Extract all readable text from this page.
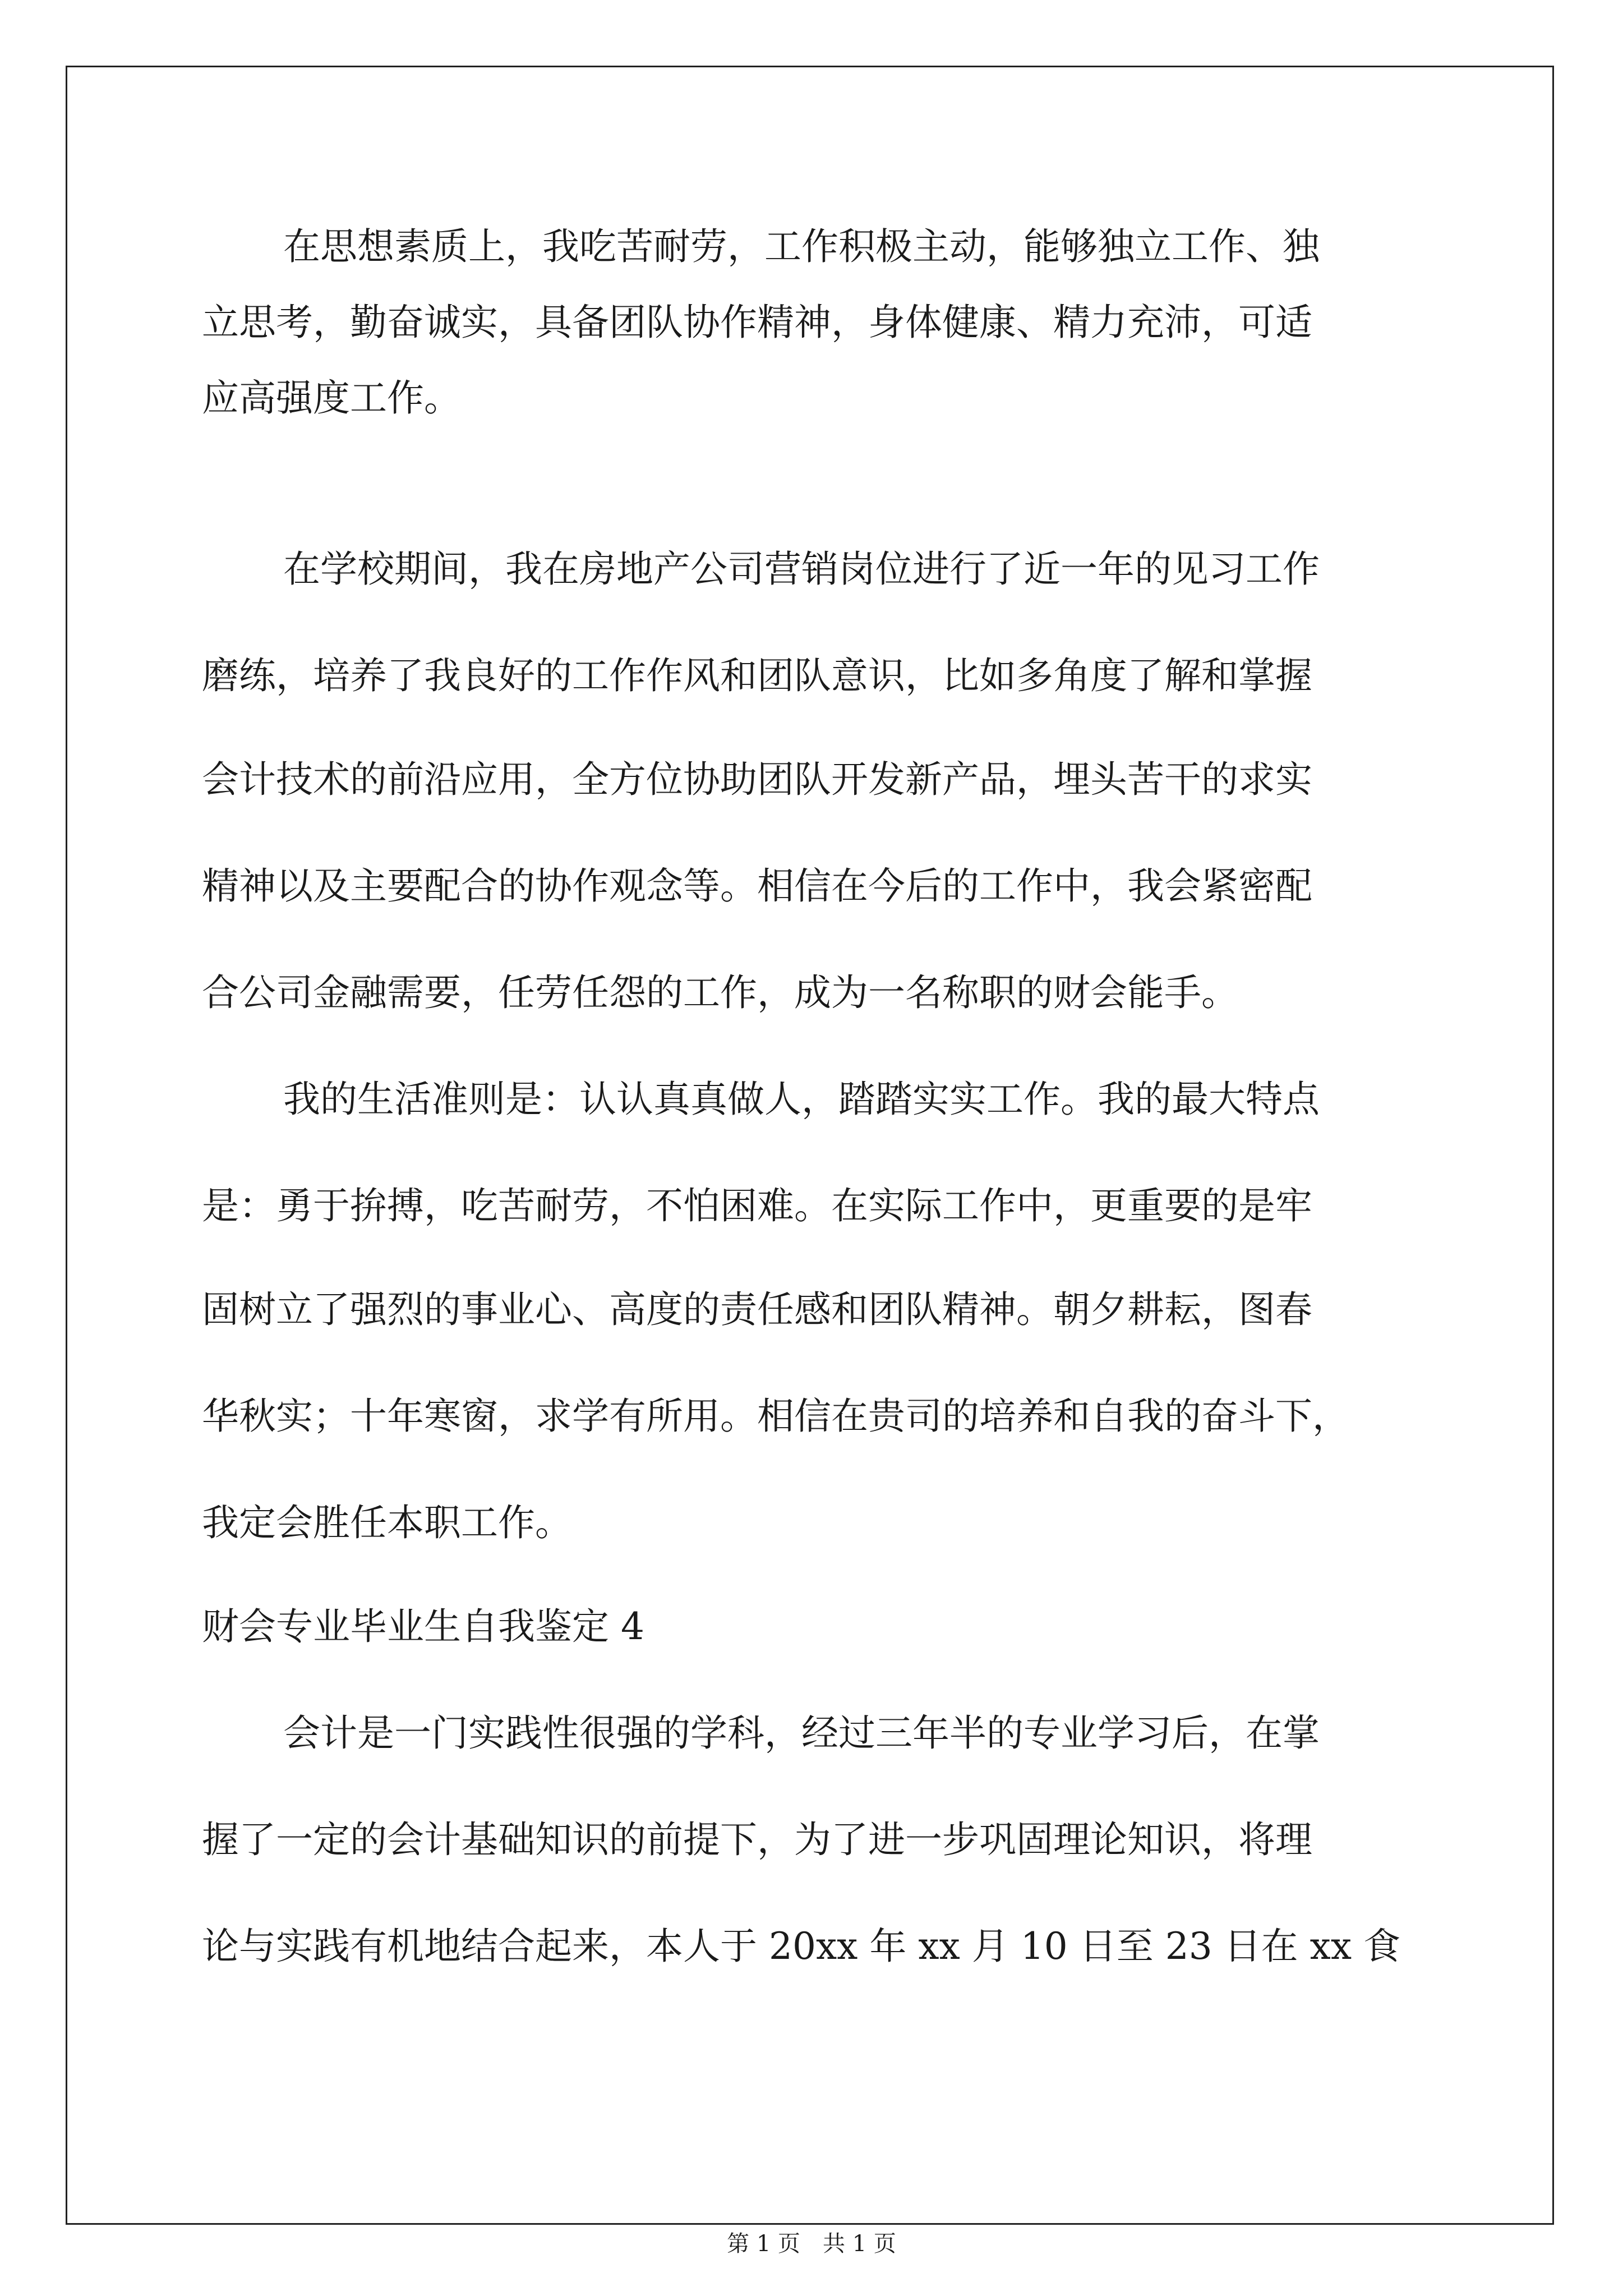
在思想素质上，我吃苦耐劳，工作积极主动，能够独立工作、独
立思考，勤奋诚实，具备团队协作精神，身体健康、精力充沛，可适
应高强度工作。
在学校期间，我在房地产公司营销岗位进行了近一年的见习工作
磨练，培养了我良好的工作作风和团队意识，比如多角度了解和掌握
会计技术的前沿应用，全方位协助团队开发新产品，埋头苦干的求实
精神以及主要配合的协作观念等。相信在今后的工作中，我会紧密配
合公司金融需要，任劳任怨的工作，成为一名称职的财会能手。
我的生活准则是：认认真真做人，踏踏实实工作。我的最大特点
是：勇于拚搏，吃苦耐劳，不怕困难。在实际工作中，更重要的是牢
固树立了强烈的事业心、高度的责任感和团队精神。朝夕耕耘，图春
华秋实；十年寒窗，求学有所用。相信在贵司的培养和自我的奋斗下，
我定会胜任本职工作。
财会专业毕业生自我鉴定 4
会计是一门实践性很强的学科，经过三年半的专业学习后，在掌
握了一定的会计基础知识的前提下，为了进一步巩固理论知识，将理
论与实践有机地结合起来，本人于 20xx 年 xx 月 10 日至 23 日在 xx 食
第 1 页　共 1 页
